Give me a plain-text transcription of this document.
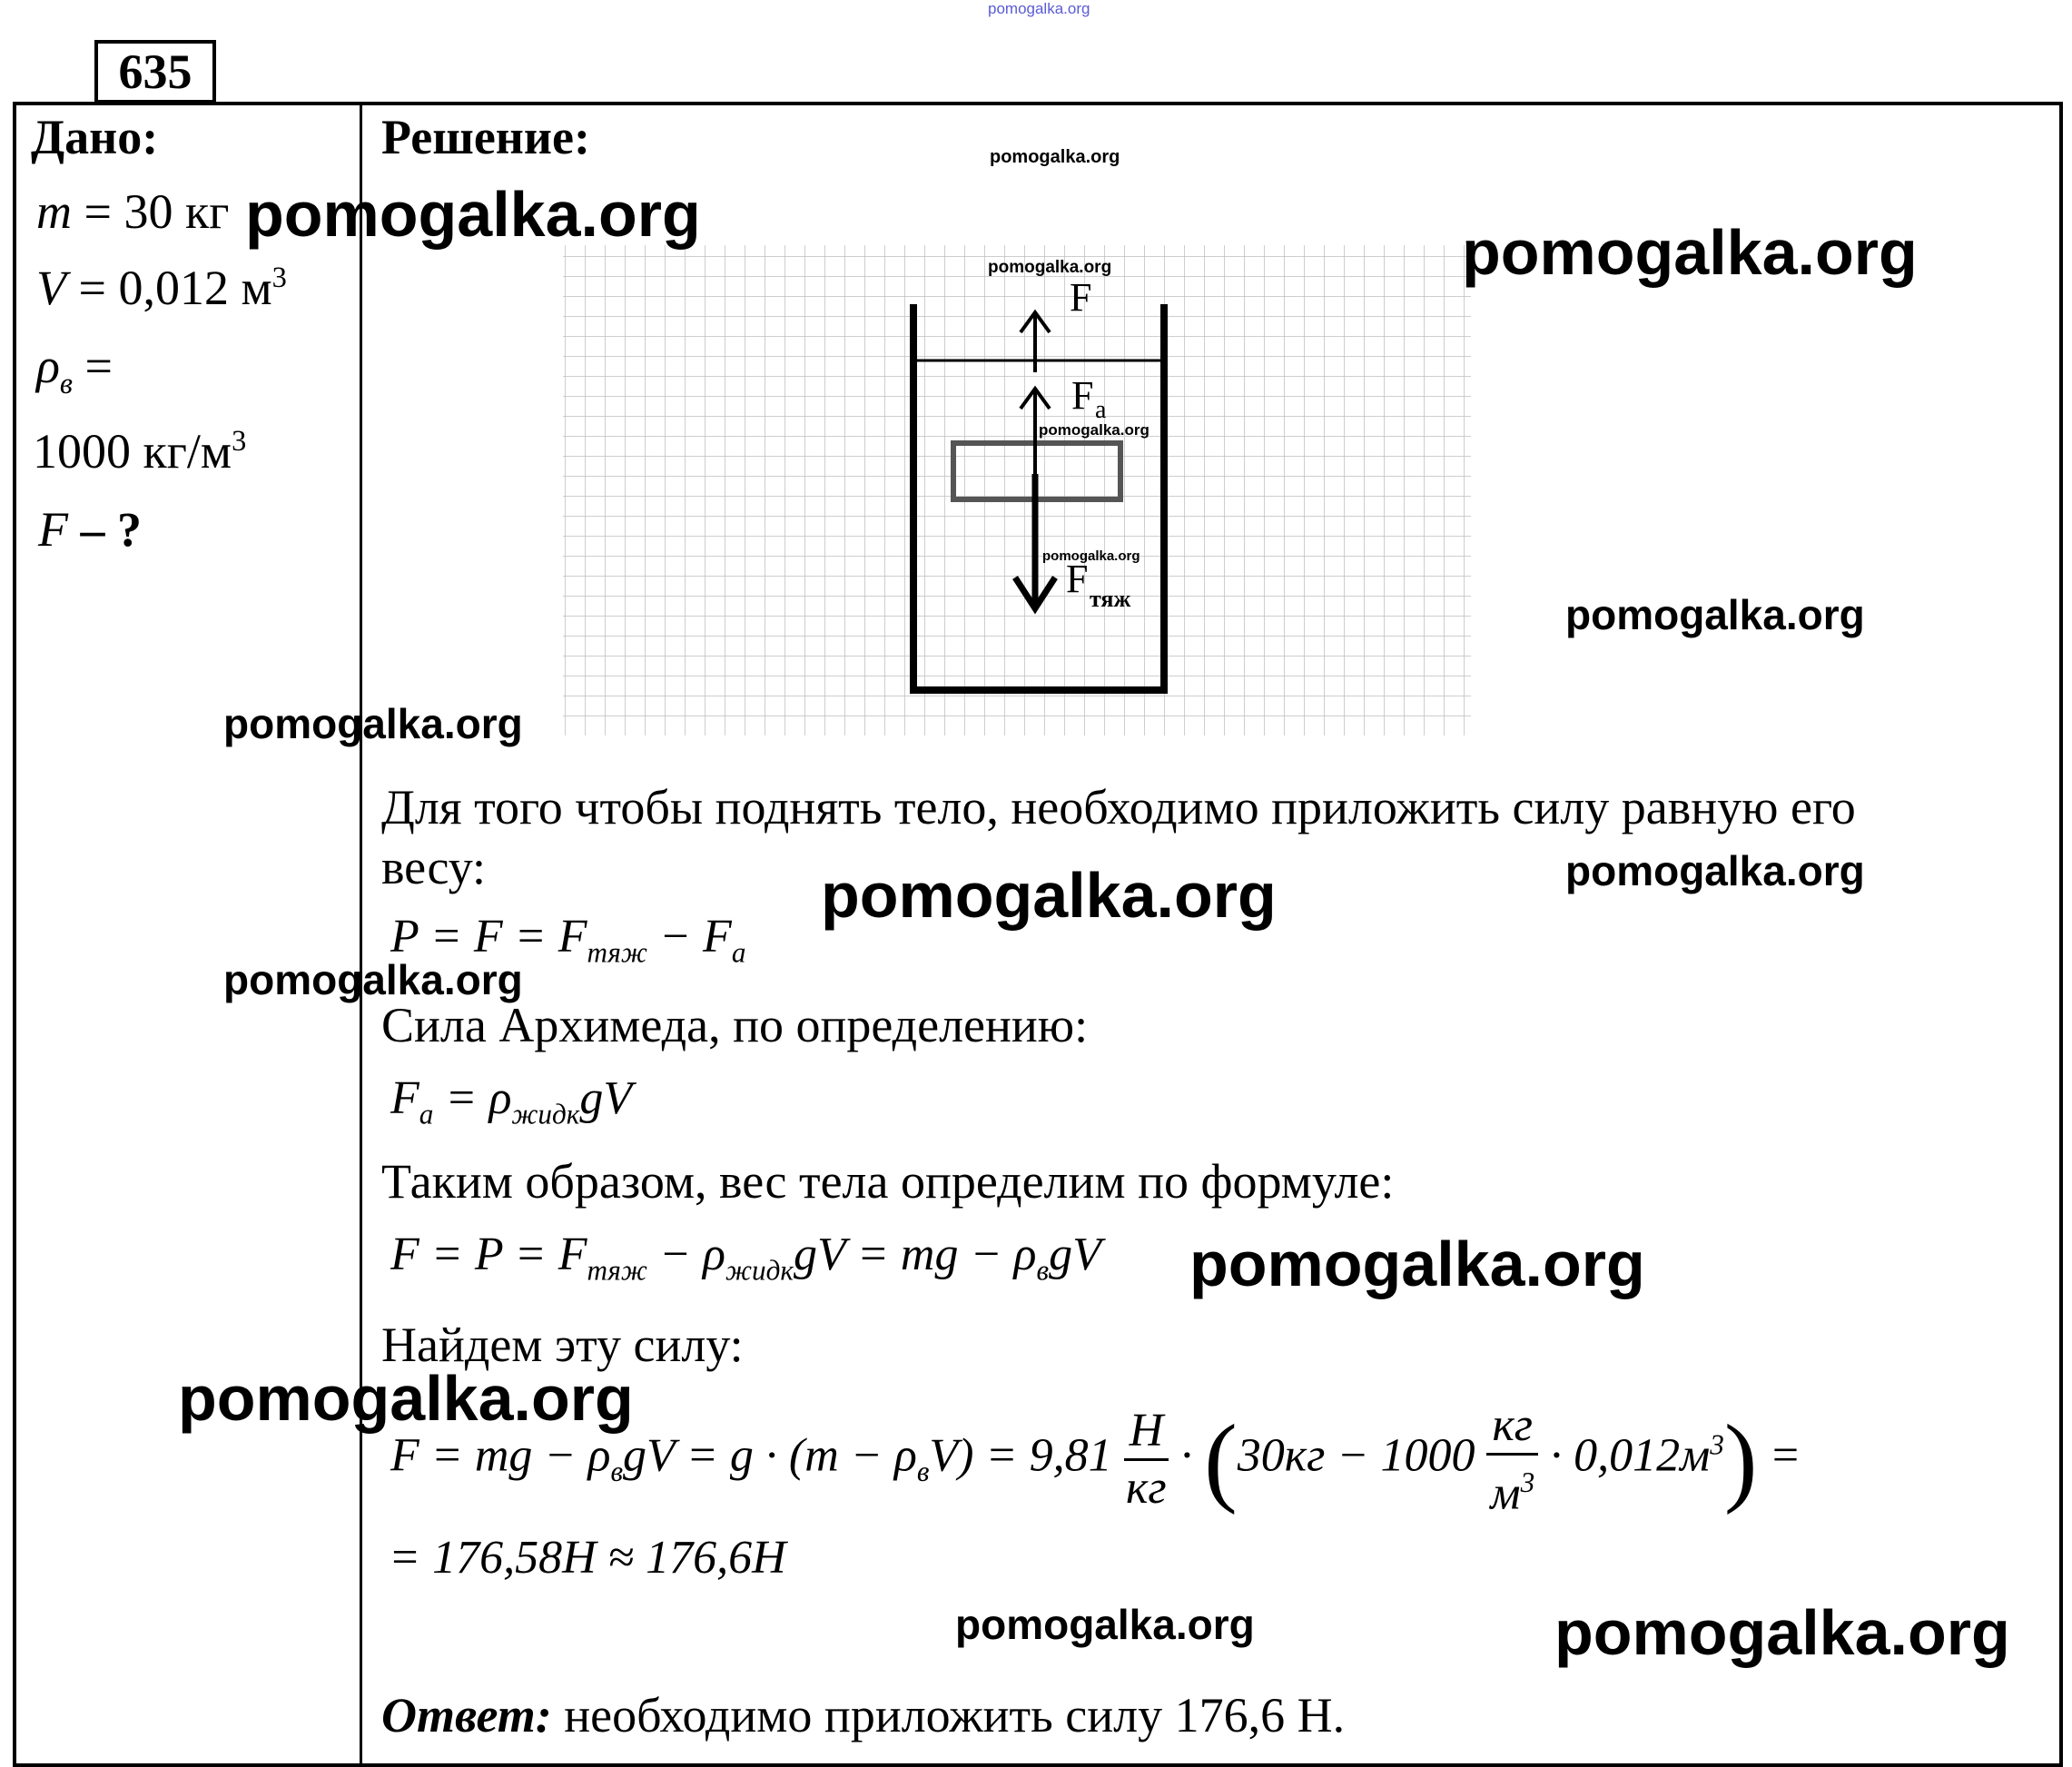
pomogalka.org
635
Дано:
m = 30 кг
V = 0,012 $м^3$
$\rho_в$ =
1000 $кг/м^3$
F – ?
Решение:
F
F a
F тяж
pomogalka.org
pomogalka.org
pomogalka.org
Для того чтобы поднять тело, необходимо приложить силу равную его
весу:
$P = F = F_{тяж} - F_a$
Сила Архимеда, по определению:
$F_a = \rho_{жидк}gV$
Таким образом, вес тела определим по формуле:
$F = P = F_{тяж} - \rho_{жидк}gV$ = mg − $\rho_вgV$
Найдем эту силу:
F = mg − $\rho_вgV = g \cdot (m - \rho_вV) = 9,81 \frac{Н}{кг} \cdot (30кг - 1000 \frac{кг}{м^3} \cdot 0,012м^3)$ =
= 176,58Н ≈ 176,6Н
Ответ: необходимо приложить силу 176,6 Н.
pomogalka.org
pomogalka.org
pomogalka.org
pomogalka.org
pomogalka.org
pomogalka.org	pomogalka.org
pomogalka.org
pomogalka.org
pomogalka.org
pomogalka.org	pomogalka.org
